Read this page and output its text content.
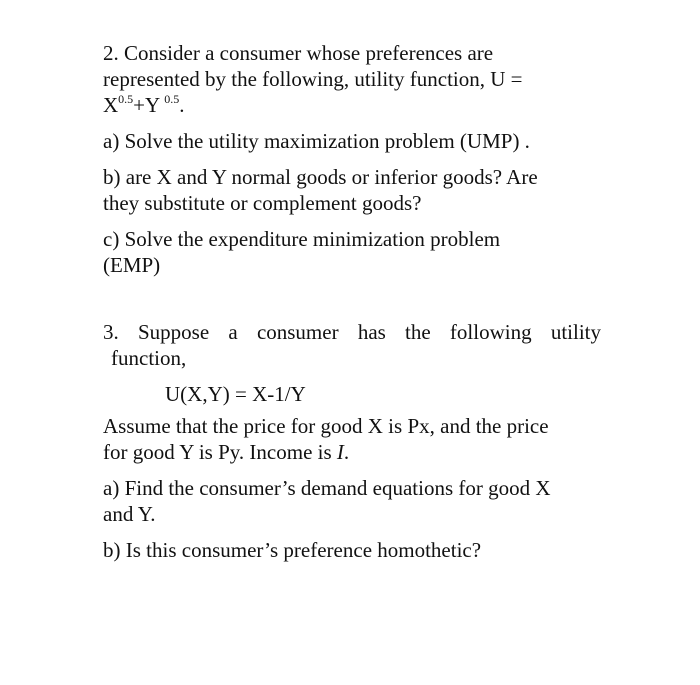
2. Consider a consumer whose preferences are
represented by the following, utility function, U =
$X^{0.5}+Y$ $^{0.5}$.
a) Solve the utility maximization problem (UMP) .
b) are X and Y normal goods or inferior goods? Are
they substitute or complement goods?
c) Solve the expenditure minimization problem
(EMP)
3. Suppose a consumer has the following utility
function,
U(X,Y) = X-1/Y
Assume that the price for good X is Px, and the price
for good Y is Py. Income is I.
a) Find the consumer’s demand equations for good X
and Y.
b) Is this consumer’s preference homothetic?
